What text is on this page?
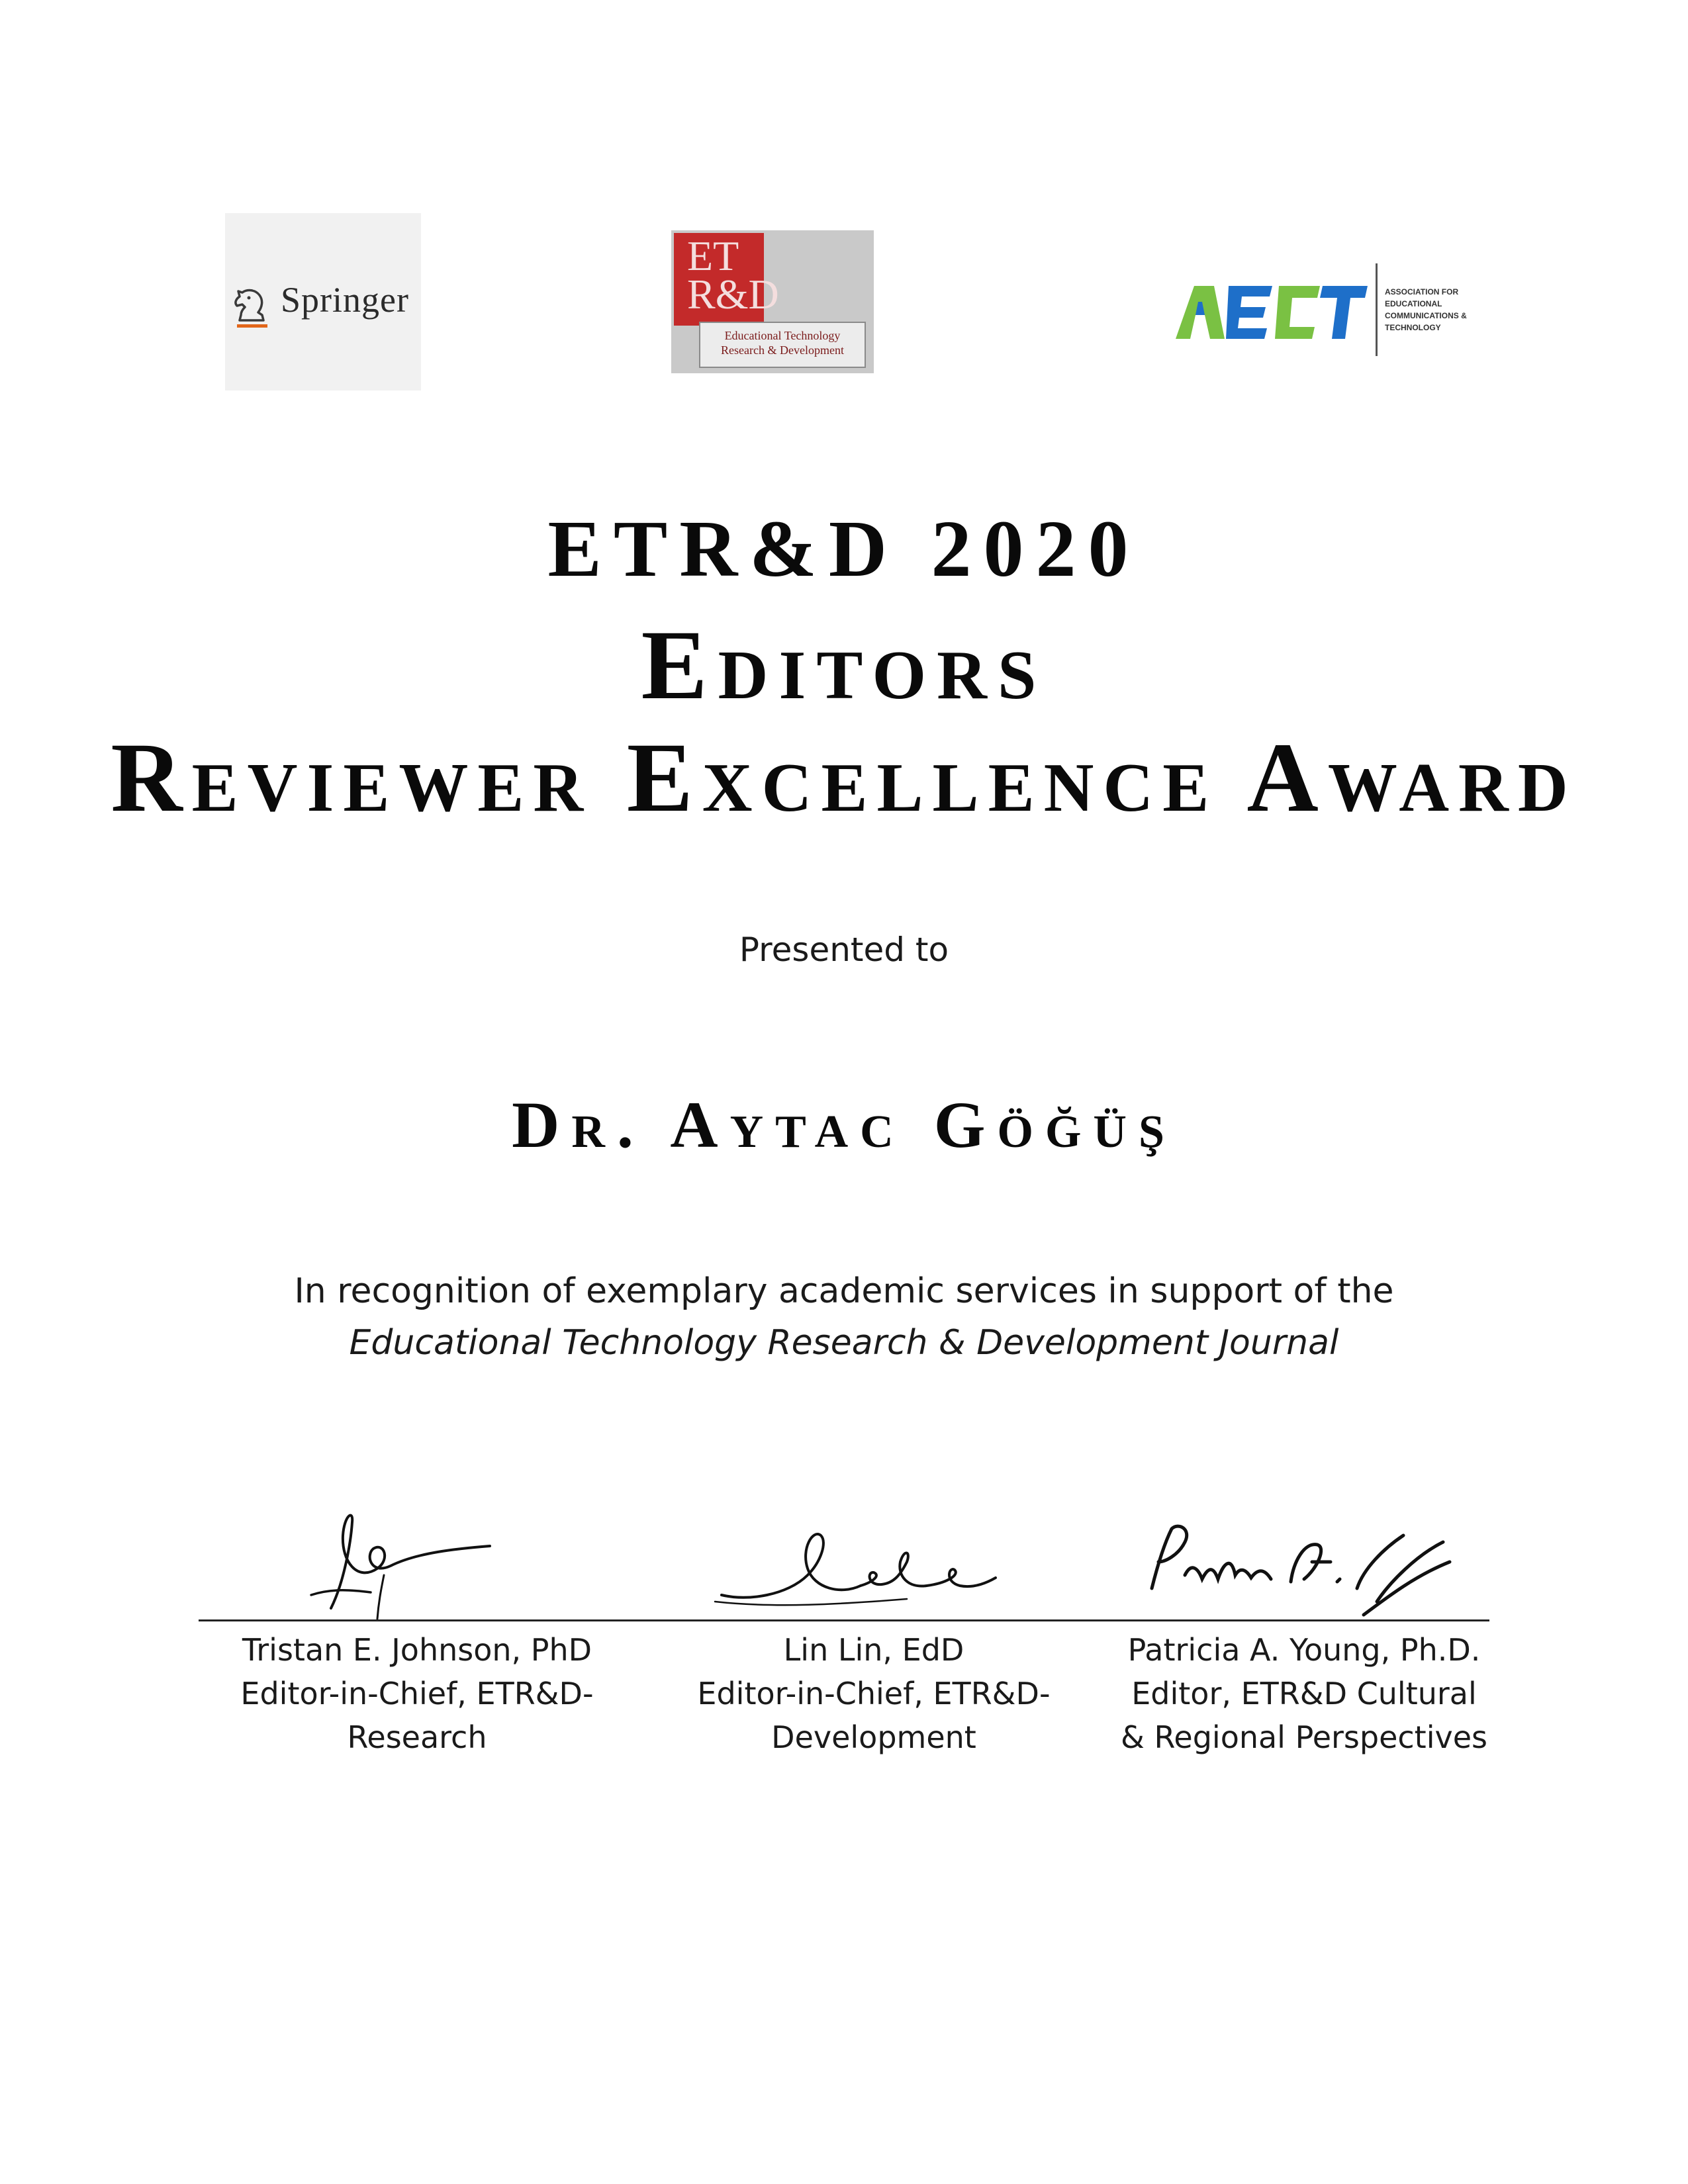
Springer
ET
R&D
Educational Technology
Research & Development
ASSOCIATION FOR
EDUCATIONAL
COMMUNICATIONS &
TECHNOLOGY
ETR&D 2020
Editors
Reviewer Excellence Award
Presented to
Dr. Aytac Göğüş
In recognition of exemplary academic services in support of the
Educational Technology Research & Development Journal
Tristan E. Johnson, PhD
Editor-in-Chief, ETR&D-
Research
Lin Lin, EdD
Editor-in-Chief, ETR&D-
Development
Patricia A. Young, Ph.D.
Editor, ETR&D Cultural
& Regional Perspectives
